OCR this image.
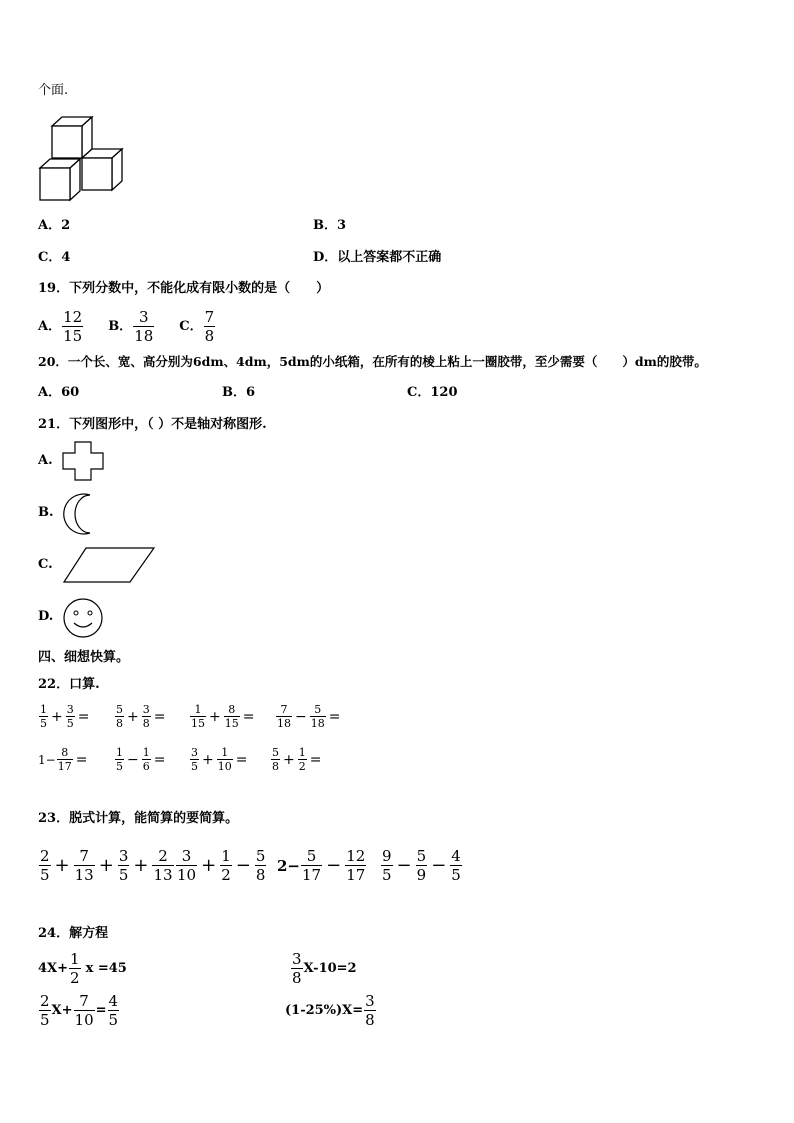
个面.
A．2	B．3
C．4	D．以上答案都不正确
19．下列分数中，不能化成有限小数的是（　　）
A． $\frac{12}{15}$ B． $\frac{3}{18}$ C． $\frac{7}{8}$
20．一个长、宽、高分别为6dm、4dm，5dm的小纸箱，在所有的棱上粘上一圈胶带，至少需要（　　）dm的胶带。
A．60	B．6	C．120
21．下列图形中，（ ）不是轴对称图形.
A.
B.
C.
D.
四、细想快算。
22．口算.
$\frac{1}{5} + \frac{3}{5} = \frac{5}{8} + \frac{3}{8} = \frac{1}{15} + \frac{8}{15} = \frac{7}{18} - \frac{5}{18}$ =
$1- \frac{8}{17}$ =	$\frac{1}{5} - \frac{1}{6} = \frac{3}{5} + \frac{1}{10} = \frac{5}{8} + \frac{1}{2}$ =
23．脱式计算，能简算的要简算。
$\frac{2}{5} + \frac{7}{13} + \frac{3}{5} + \frac{2}{13} \frac{3}{10} + \frac{1}{2} - \frac{5}{8} 2- \frac{5}{17} - \frac{12}{17} \frac{9}{5} - \frac{5}{9} - \frac{4}{5}$
24．解方程
$4X+ \frac{1}{2}$ x =45	$\frac{3}{8} X-10=2$
$\frac{2}{5} X+ \frac{7}{10} = \frac{4}{5}$	$(1-25\%)X= \frac{3}{8}$
